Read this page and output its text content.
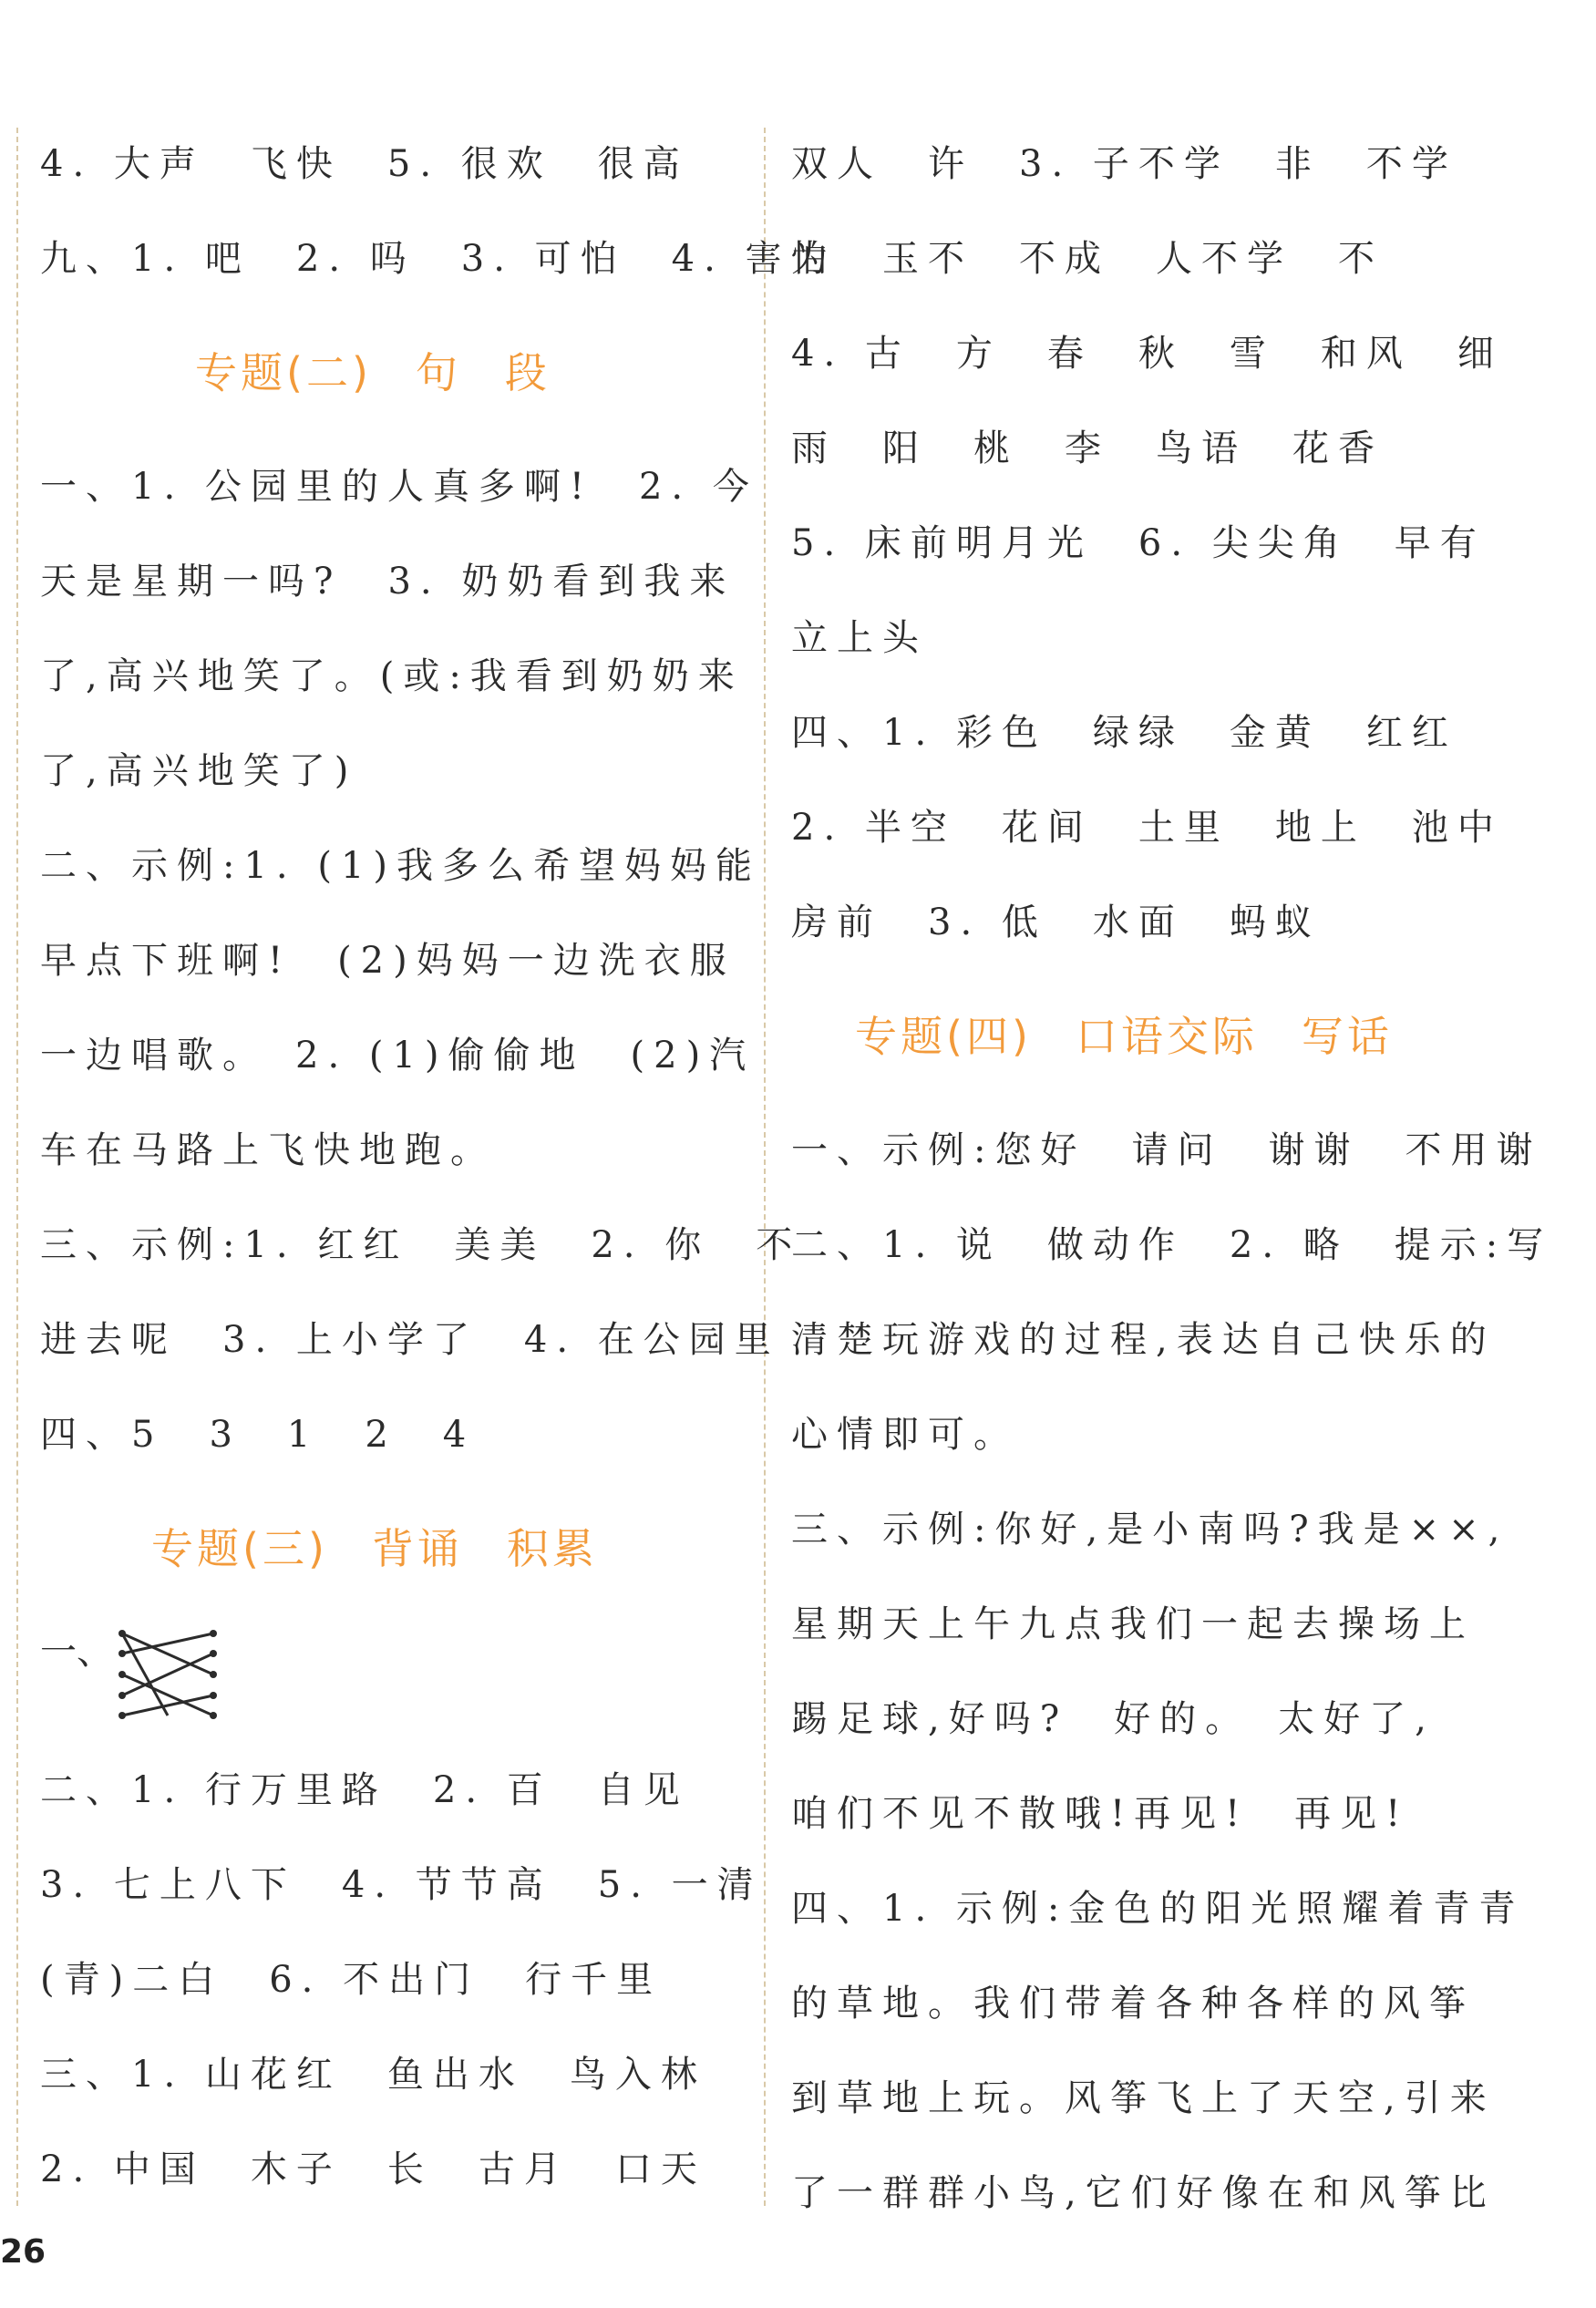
4. 大声　飞快　5. 很欢　很高
九、1. 吧　2. 吗　3. 可怕　4. 害怕
专题(二) 句 段
一、1. 公园里的人真多啊!　2. 今
天是星期一吗?　3. 奶奶看到我来
了,高兴地笑了。(或:我看到奶奶来
了,高兴地笑了)
二、示例:1. (1)我多么希望妈妈能
早点下班啊!　(2)妈妈一边洗衣服
一边唱歌。　2. (1)偷偷地　(2)汽
车在马路上飞快地跑。
三、示例:1. 红红　美美　2. 你　不
进去呢　3. 上小学了　4. 在公园里
四、5　3　1　2　4
专题(三) 背诵 积累
一、
二、1. 行万里路　2. 百　自见
3. 七上八下　4. 节节高　5. 一清
(青)二白　6. 不出门　行千里
三、1. 山花红　鱼出水　鸟入林
2. 中国　木子　长　古月　口天
双人　许　3. 子不学　非　不学
为　玉不　不成　人不学　不
4. 古　方　春　秋　雪　和风　细
雨　阳　桃　李　鸟语　花香
5. 床前明月光　6. 尖尖角　早有
立上头
四、1. 彩色　绿绿　金黄　红红
2. 半空　花间　土里　地上　池中
房前　3. 低　水面　蚂蚁
专题(四) 口语交际 写话
一、示例:您好　请问　谢谢　不用谢
二、1. 说　做动作　2. 略　提示:写
清楚玩游戏的过程,表达自己快乐的
心情即可。
三、示例:你好,是小南吗?我是××,
星期天上午九点我们一起去操场上
踢足球,好吗?　好的。　太好了,
咱们不见不散哦!再见!　再见!
四、1. 示例:金色的阳光照耀着青青
的草地。我们带着各种各样的风筝
到草地上玩。风筝飞上了天空,引来
了一群群小鸟,它们好像在和风筝比
26
